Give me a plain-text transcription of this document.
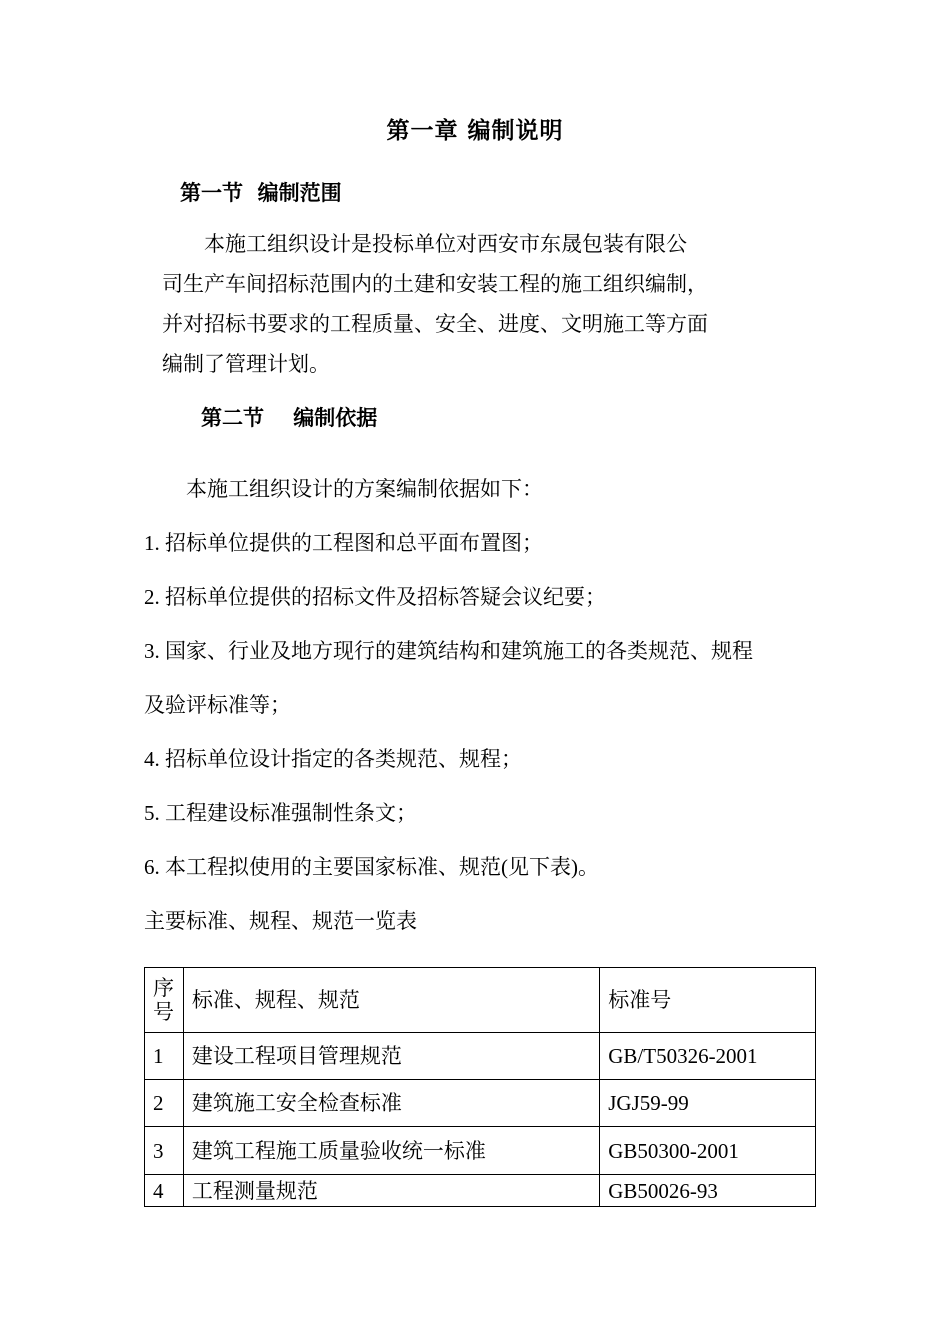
第一章 编制说明
第一节  编制范围
　　本施工组织设计是投标单位对西安市东晟包装有限公
司生产车间招标范围内的土建和安装工程的施工组织编制，
并对招标书要求的工程质量、安全、进度、文明施工等方面
编制了管理计划。
第二节    编制依据
　　本施工组织设计的方案编制依据如下：
1. 招标单位提供的工程图和总平面布置图；
2. 招标单位提供的招标文件及招标答疑会议纪要；
3. 国家、行业及地方现行的建筑结构和建筑施工的各类规范、规程
及验评标准等；
4. 招标单位设计指定的各类规范、规程；
5. 工程建设标准强制性条文；
6. 本工程拟使用的主要国家标准、规范(见下表)。
主要标准、规程、规范一览表
序号	标准、规程、规范	标准号
1	建设工程项目管理规范	GB/T50326-2001
2	建筑施工安全检查标准	JGJ59-99
3	建筑工程施工质量验收统一标准	GB50300-2001
4	工程测量规范	GB50026-93
